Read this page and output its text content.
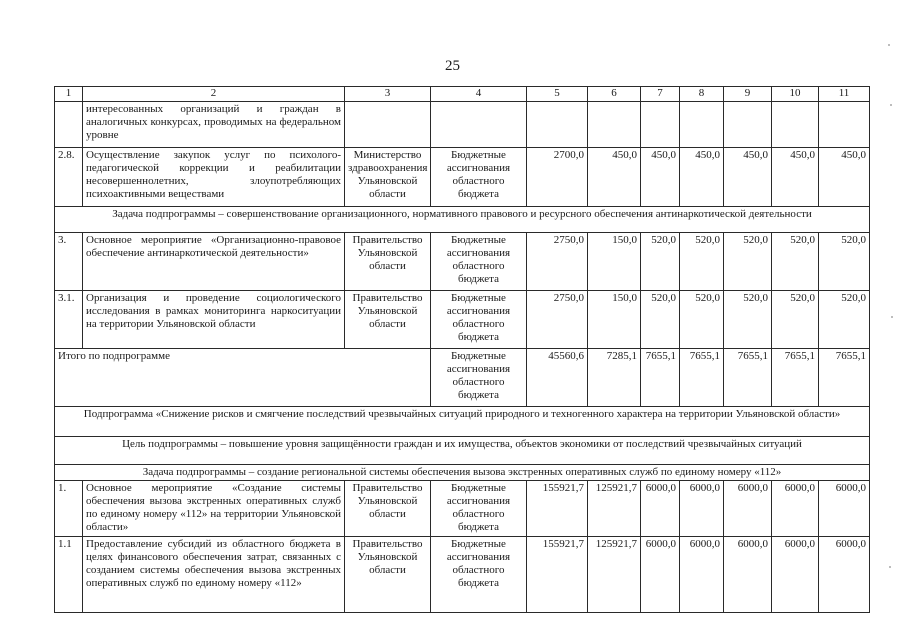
25
1	2	3	4	5	6	7	8	9	10	11
	интересованных организаций и граждан в аналогичных конкурсах, проводимых на федеральном уровне									
2.8.	Осуществление закупок услуг по психолого-педагогической коррекции и реабилитации несовершеннолетних, злоупотребляющих психоактивными веществами	Министерство здравоохранения Ульяновской области	Бюджетные ассигнования областного бюджета	2700,0	450,0	450,0	450,0	450,0	450,0	450,0
Задача подпрограммы – совершенствование организационного, нормативного правового и ресурсного обеспечения антинаркотической деятельности										
3.	Основное мероприятие «Организационно-правовое обеспечение антинаркотической деятельности»	Правительство Ульяновской области	Бюджетные ассигнования областного бюджета	2750,0	150,0	520,0	520,0	520,0	520,0	520,0
3.1.	Организация и проведение социологического исследования в рамках мониторинга наркоситуации на территории Ульяновской области	Правительство Ульяновской области	Бюджетные ассигнования областного бюджета	2750,0	150,0	520,0	520,0	520,0	520,0	520,0
Итого по подпрограмме			Бюджетные ассигнования областного бюджета	45560,6	7285,1	7655,1	7655,1	7655,1	7655,1	7655,1
Подпрограмма «Снижение рисков и смягчение последствий чрезвычайных ситуаций природного и техногенного характера на территории Ульяновской области»										
Цель подпрограммы – повышение уровня защищённости граждан и их имущества, объектов экономики от последствий чрезвычайных ситуаций										
Задача подпрограммы – создание региональной системы обеспечения вызова экстренных оперативных служб по единому номеру «112»										
1.	Основное мероприятие «Создание системы обеспечения вызова экстренных оперативных служб по единому номеру «112» на территории Ульяновской области»	Правительство Ульяновской области	Бюджетные ассигнования областного бюджета	155921,7	125921,7	6000,0	6000,0	6000,0	6000,0	6000,0
1.1	Предоставление субсидий из областного бюджета в целях финансового обеспечения затрат, связанных с созданием системы обеспечения вызова экстренных оперативных служб по единому номеру «112»	Правительство Ульяновской области	Бюджетные ассигнования областного бюджета	155921,7	125921,7	6000,0	6000,0	6000,0	6000,0	6000,0
